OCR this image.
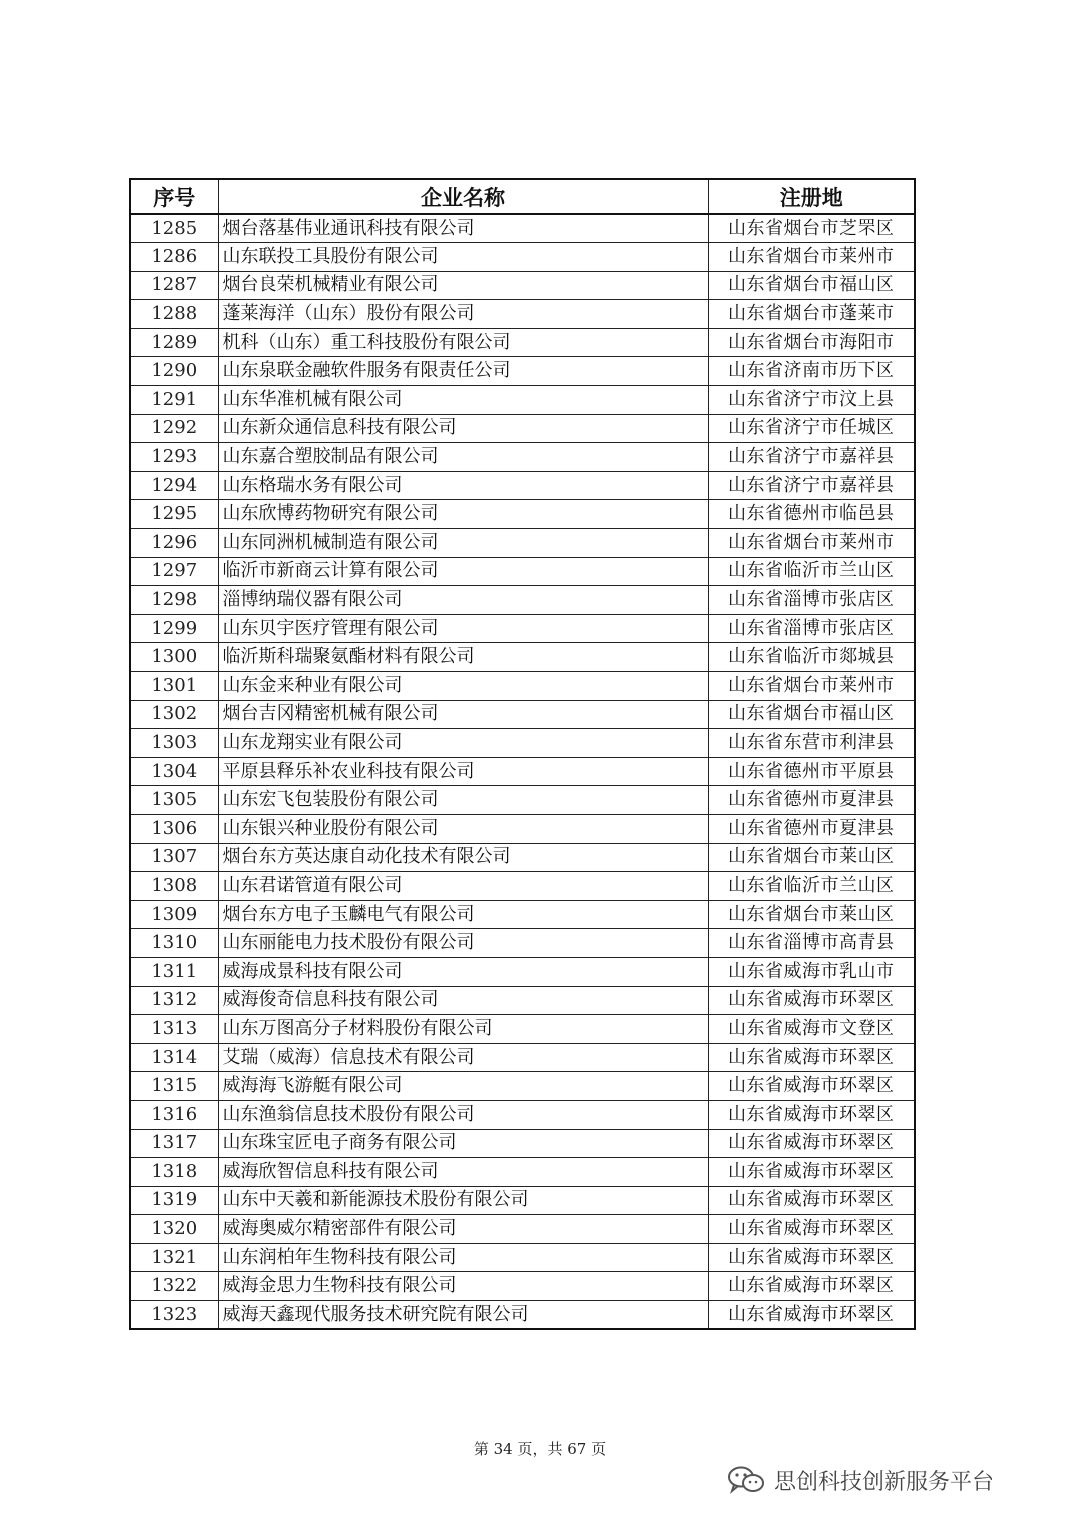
序号	企业名称	注册地
1285	烟台落基伟业通讯科技有限公司	山东省烟台市芝罘区
1286	山东联投工具股份有限公司	山东省烟台市莱州市
1287	烟台良荣机械精业有限公司	山东省烟台市福山区
1288	蓬莱海洋（山东）股份有限公司	山东省烟台市蓬莱市
1289	机科（山东）重工科技股份有限公司	山东省烟台市海阳市
1290	山东泉联金融软件服务有限责任公司	山东省济南市历下区
1291	山东华准机械有限公司	山东省济宁市汶上县
1292	山东新众通信息科技有限公司	山东省济宁市任城区
1293	山东嘉合塑胶制品有限公司	山东省济宁市嘉祥县
1294	山东格瑞水务有限公司	山东省济宁市嘉祥县
1295	山东欣博药物研究有限公司	山东省德州市临邑县
1296	山东同洲机械制造有限公司	山东省烟台市莱州市
1297	临沂市新商云计算有限公司	山东省临沂市兰山区
1298	淄博纳瑞仪器有限公司	山东省淄博市张店区
1299	山东贝宇医疗管理有限公司	山东省淄博市张店区
1300	临沂斯科瑞聚氨酯材料有限公司	山东省临沂市郯城县
1301	山东金来种业有限公司	山东省烟台市莱州市
1302	烟台吉冈精密机械有限公司	山东省烟台市福山区
1303	山东龙翔实业有限公司	山东省东营市利津县
1304	平原县释乐补农业科技有限公司	山东省德州市平原县
1305	山东宏飞包装股份有限公司	山东省德州市夏津县
1306	山东银兴种业股份有限公司	山东省德州市夏津县
1307	烟台东方英达康自动化技术有限公司	山东省烟台市莱山区
1308	山东君诺管道有限公司	山东省临沂市兰山区
1309	烟台东方电子玉麟电气有限公司	山东省烟台市莱山区
1310	山东丽能电力技术股份有限公司	山东省淄博市高青县
1311	威海成景科技有限公司	山东省威海市乳山市
1312	威海俊奇信息科技有限公司	山东省威海市环翠区
1313	山东万图高分子材料股份有限公司	山东省威海市文登区
1314	艾瑞（威海）信息技术有限公司	山东省威海市环翠区
1315	威海海飞游艇有限公司	山东省威海市环翠区
1316	山东渔翁信息技术股份有限公司	山东省威海市环翠区
1317	山东珠宝匠电子商务有限公司	山东省威海市环翠区
1318	威海欣智信息科技有限公司	山东省威海市环翠区
1319	山东中天羲和新能源技术股份有限公司	山东省威海市环翠区
1320	威海奥威尔精密部件有限公司	山东省威海市环翠区
1321	山东润柏年生物科技有限公司	山东省威海市环翠区
1322	威海金思力生物科技有限公司	山东省威海市环翠区
1323	威海天鑫现代服务技术研究院有限公司	山东省威海市环翠区
第 34 页，共 67 页
思创科技创新服务平台
